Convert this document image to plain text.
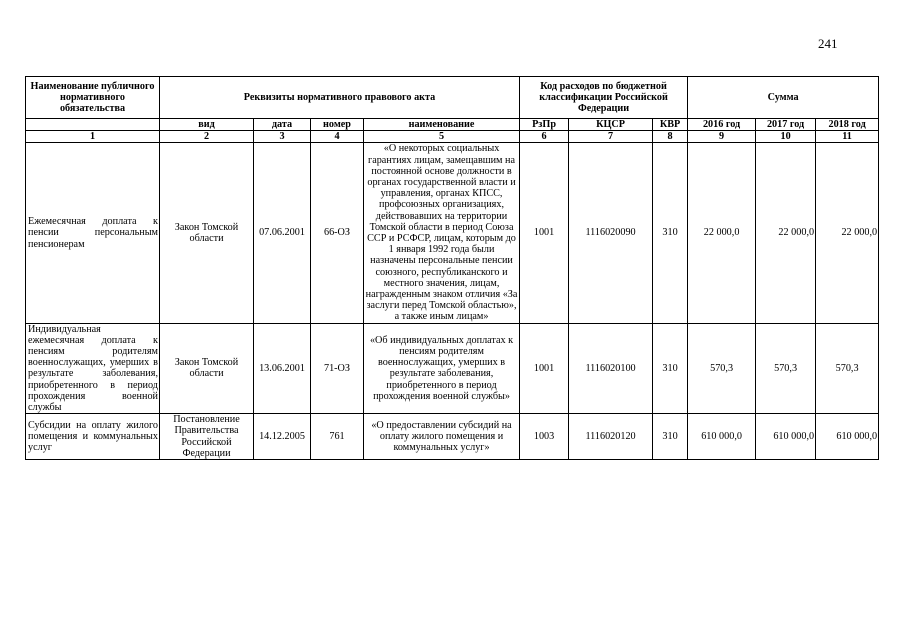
241
Наименование публичного нормативного обязательства	Реквизиты нормативного правового акта				Код расходов по бюджетной классификации Российской Федерации			Сумма		
	вид	дата	номер	наименование	РзПр	КЦСР	КВР	2016 год	2017 год	2018 год
1	2	3	4	5	6	7	8	9	10	11
Ежемесячная доплата к пенсии персональным пенсионерам	Закон Томской области	07.06.2001	66-ОЗ	«О некоторых социальных гарантиях лицам, замещавшим на постоянной основе должности в органах государственной власти и управления, органах КПСС, профсоюзных организациях, действовавших на территории Томской области в период Союза ССР и РСФСР, лицам, которым до 1 января 1992 года были назначены персональные пенсии союзного, республиканского и местного значения, лицам, награжденным знаком отличия «За заслуги перед Томской областью», а также иным лицам»	1001	1116020090	310	22 000,0	22 000,0	22 000,0
Индивидуальная ежемесячная доплата к пенсиям родителям военнослужащих, умерших в результате заболевания, приобретенного в период прохождения военной службы	Закон Томской области	13.06.2001	71-ОЗ	«Об индивидуальных доплатах к пенсиям родителям военнослужащих, умерших в результате заболевания, приобретенного в период прохождения военной службы»	1001	1116020100	310	570,3	570,3	570,3
Субсидии на оплату жилого помещения и коммунальных услуг	Постановление Правительства Российской Федерации	14.12.2005	761	«О предоставлении субсидий на оплату жилого помещения и коммунальных услуг»	1003	1116020120	310	610 000,0	610 000,0	610 000,0
